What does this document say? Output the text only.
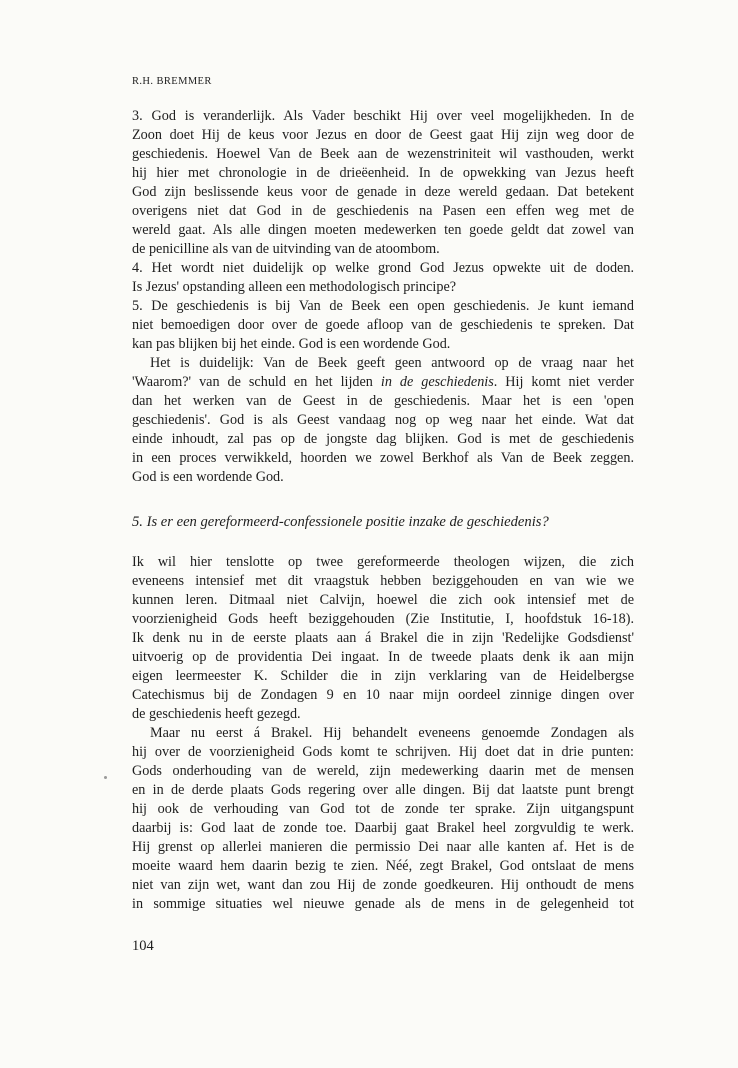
R.H. BREMMER
3. God is veranderlijk. Als Vader beschikt Hij over veel mogelijkheden. In de
Zoon doet Hij de keus voor Jezus en door de Geest gaat Hij zijn weg door de
geschiedenis. Hoewel Van de Beek aan de wezenstriniteit wil vasthouden, werkt
hij hier met chronologie in de drieëenheid. In de opwekking van Jezus heeft
God zijn beslissende keus voor de genade in deze wereld gedaan. Dat betekent
overigens niet dat God in de geschiedenis na Pasen een effen weg met de
wereld gaat. Als alle dingen moeten medewerken ten goede geldt dat zowel van
de penicilline als van de uitvinding van de atoombom.
4. Het wordt niet duidelijk op welke grond God Jezus opwekte uit de doden.
Is Jezus' opstanding alleen een methodologisch principe?
5. De geschiedenis is bij Van de Beek een open geschiedenis. Je kunt iemand
niet bemoedigen door over de goede afloop van de geschiedenis te spreken. Dat
kan pas blijken bij het einde. God is een wordende God.
Het is duidelijk: Van de Beek geeft geen antwoord op de vraag naar het
'Waarom?' van de schuld en het lijden in de geschiedenis. Hij komt niet verder
dan het werken van de Geest in de geschiedenis. Maar het is een 'open
geschiedenis'. God is als Geest vandaag nog op weg naar het einde. Wat dat
einde inhoudt, zal pas op de jongste dag blijken. God is met de geschiedenis
in een proces verwikkeld, hoorden we zowel Berkhof als Van de Beek zeggen.
God is een wordende God.
5. Is er een gereformeerd-confessionele positie inzake de geschiedenis?
Ik wil hier tenslotte op twee gereformeerde theologen wijzen, die zich
eveneens intensief met dit vraagstuk hebben beziggehouden en van wie we
kunnen leren. Ditmaal niet Calvijn, hoewel die zich ook intensief met de
voorzienigheid Gods heeft beziggehouden (Zie Institutie, I, hoofdstuk 16-18).
Ik denk nu in de eerste plaats aan á Brakel die in zijn 'Redelijke Godsdienst'
uitvoerig op de providentia Dei ingaat. In de tweede plaats denk ik aan mijn
eigen leermeester K. Schilder die in zijn verklaring van de Heidelbergse
Catechismus bij de Zondagen 9 en 10 naar mijn oordeel zinnige dingen over
de geschiedenis heeft gezegd.
Maar nu eerst á Brakel. Hij behandelt eveneens genoemde Zondagen als
hij over de voorzienigheid Gods komt te schrijven. Hij doet dat in drie punten:
Gods onderhouding van de wereld, zijn medewerking daarin met de mensen
en in de derde plaats Gods regering over alle dingen. Bij dat laatste punt brengt
hij ook de verhouding van God tot de zonde ter sprake. Zijn uitgangspunt
daarbij is: God laat de zonde toe. Daarbij gaat Brakel heel zorgvuldig te werk.
Hij grenst op allerlei manieren die permissio Dei naar alle kanten af. Het is de
moeite waard hem daarin bezig te zien. Néé, zegt Brakel, God ontslaat de mens
niet van zijn wet, want dan zou Hij de zonde goedkeuren. Hij onthoudt de mens
in sommige situaties wel nieuwe genade als de mens in de gelegenheid tot
104
